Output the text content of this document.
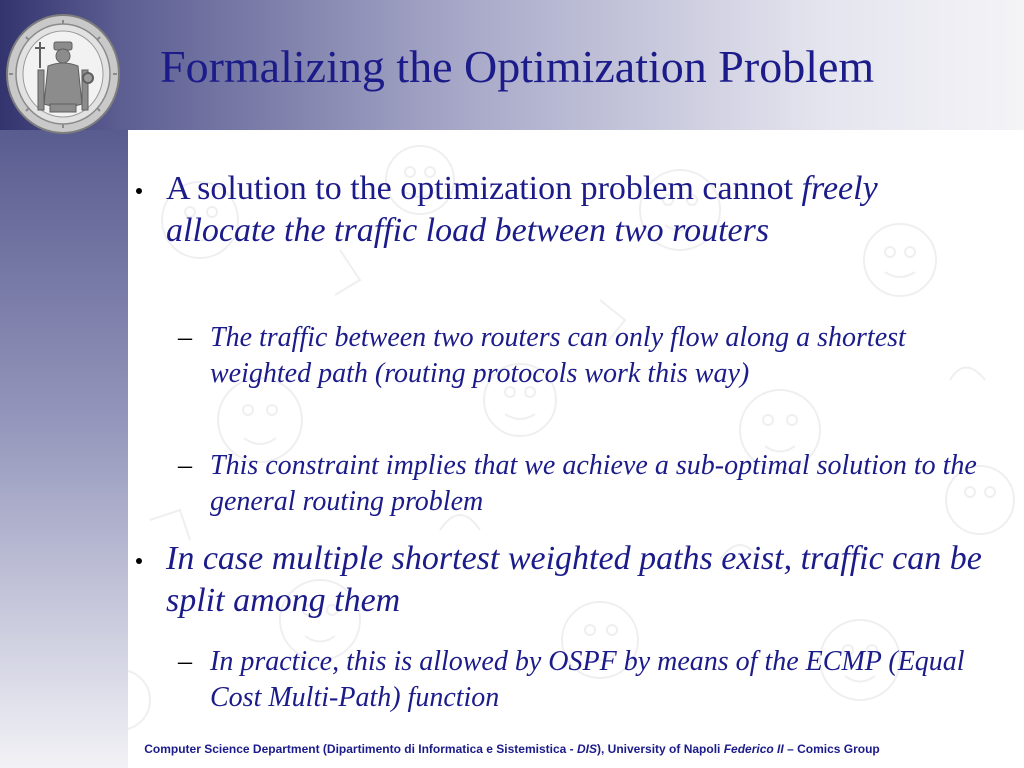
Formalizing the Optimization Problem
A solution to the optimization problem cannot freely allocate the traffic load between two routers
– The traffic between two routers can only flow along a shortest weighted path (routing protocols work this way)
– This constraint implies that we achieve a sub-optimal solution to the general routing problem
In case multiple shortest weighted paths exist, traffic can be split among them
– In practice, this is allowed by OSPF by means of the ECMP (Equal Cost Multi-Path) function
Computer Science Department (Dipartimento di Informatica e Sistemistica - DIS), University of Napoli Federico II – Comics Group
